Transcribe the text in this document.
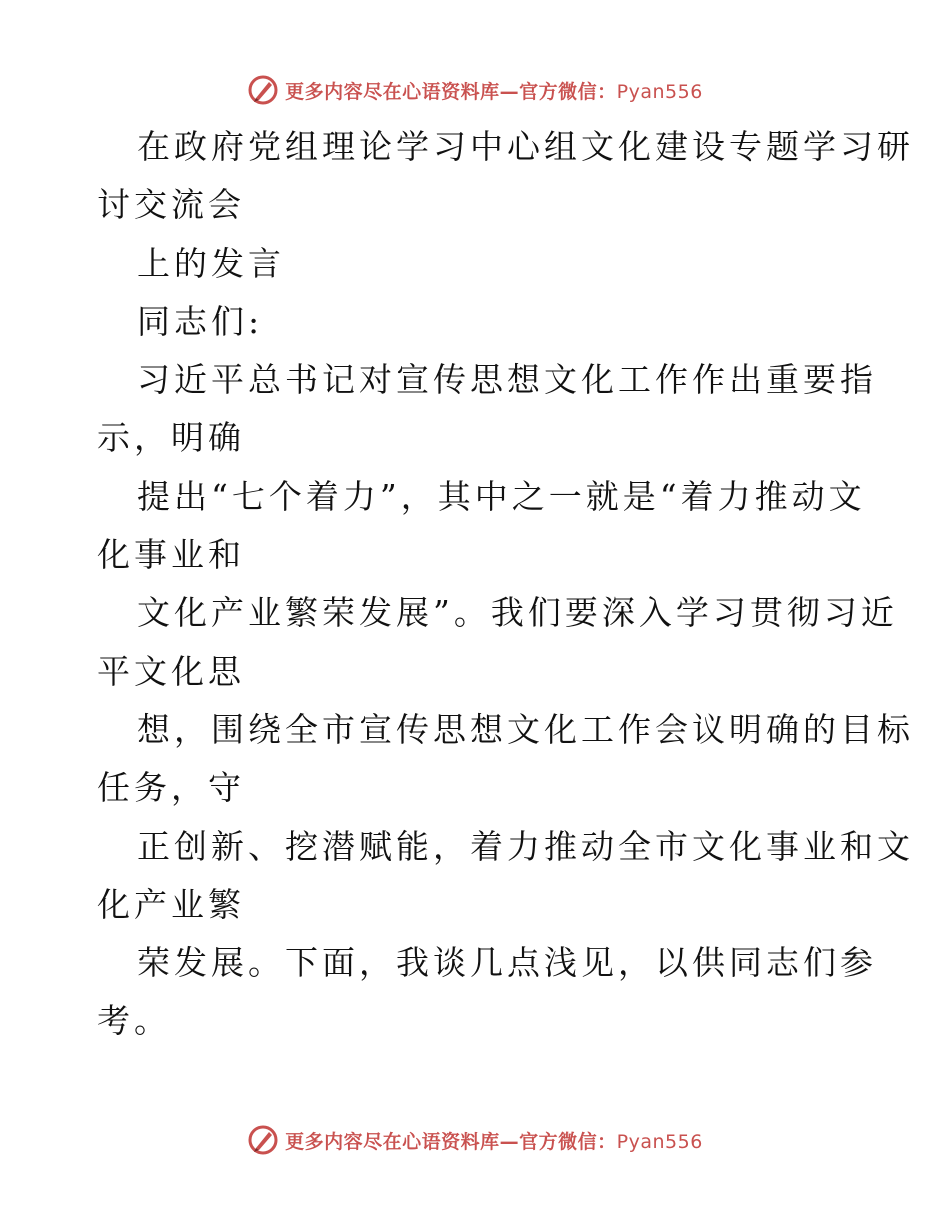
更多内容尽在心语资料库—官方微信：Pyan556
在政府党组理论学习中心组文化建设专题学习研
讨交流会
上的发言
同志们:
习近平总书记对宣传思想文化工作作出重要指
示，明确
提出“七个着力”，其中之一就是“着力推动文
化事业和
文化产业繁荣发展”。我们要深入学习贯彻习近
平文化思
想，围绕全市宣传思想文化工作会议明确的目标
任务，守
正创新、挖潜赋能，着力推动全市文化事业和文
化产业繁
荣发展。下面，我谈几点浅见，以供同志们参
考。
更多内容尽在心语资料库—官方微信：Pyan556
